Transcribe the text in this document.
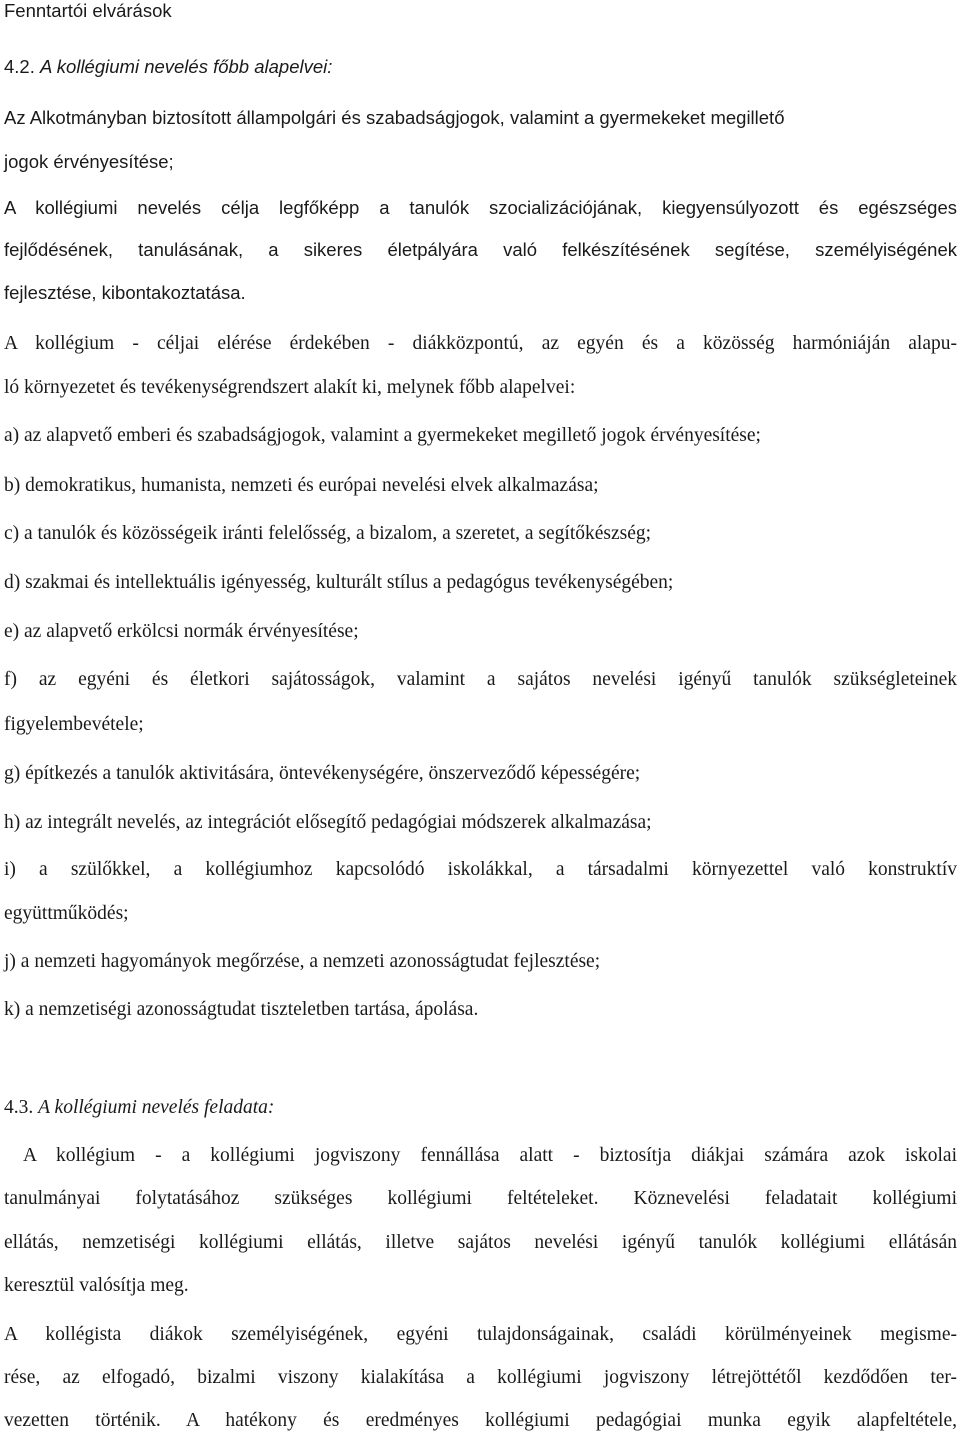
Fenntartói elvárások
4.2. A kollégiumi nevelés főbb alapelvei:
Az Alkotmányban biztosított állampolgári és szabadságjogok, valamint a gyermekeket megillető
jogok érvényesítése;
A kollégiumi nevelés célja legfőképp a tanulók szocializációjának, kiegyensúlyozott és egészséges
fejlődésének, tanulásának, a sikeres életpályára való felkészítésének segítése, személyiségének
fejlesztése, kibontakoztatása.
A kollégium - céljai elérése érdekében - diákközpontú, az egyén és a közösség harmóniáján alapu-
ló környezetet és tevékenységrendszert alakít ki, melynek főbb alapelvei:
a) az alapvető emberi és szabadságjogok, valamint a gyermekeket megillető jogok érvényesítése;
b) demokratikus, humanista, nemzeti és európai nevelési elvek alkalmazása;
c) a tanulók és közösségeik iránti felelősség, a bizalom, a szeretet, a segítőkészség;
d) szakmai és intellektuális igényesség, kulturált stílus a pedagógus tevékenységében;
e) az alapvető erkölcsi normák érvényesítése;
f) az egyéni és életkori sajátosságok, valamint a sajátos nevelési igényű tanulók szükségleteinek
figyelembevétele;
g) építkezés a tanulók aktivitására, öntevékenységére, önszerveződő képességére;
h) az integrált nevelés, az integrációt elősegítő pedagógiai módszerek alkalmazása;
i) a szülőkkel, a kollégiumhoz kapcsolódó iskolákkal, a társadalmi környezettel való konstruktív
együttműködés;
j) a nemzeti hagyományok megőrzése, a nemzeti azonosságtudat fejlesztése;
k) a nemzetiségi azonosságtudat tiszteletben tartása, ápolása.
4.3. A kollégiumi nevelés feladata:
A kollégium - a kollégiumi jogviszony fennállása alatt - biztosítja diákjai számára azok iskolai
tanulmányai folytatásához szükséges kollégiumi feltételeket. Köznevelési feladatait kollégiumi
ellátás, nemzetiségi kollégiumi ellátás, illetve sajátos nevelési igényű tanulók kollégiumi ellátásán
keresztül valósítja meg.
A kollégista diákok személyiségének, egyéni tulajdonságainak, családi körülményeinek megisme-
rése, az elfogadó, bizalmi viszony kialakítása a kollégiumi jogviszony létrejöttétől kezdődően ter-
vezetten történik. A hatékony és eredményes kollégiumi pedagógiai munka egyik alapfeltétele,
